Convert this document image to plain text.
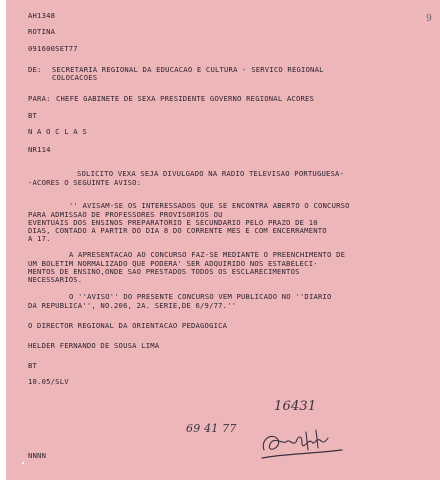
9
AH1348
ROTINA
091600SET77
DE: SECRETARIA REGIONAL DA EDUCACAO E CULTURA - SERVICO REGIONAL
COLOCACOES
PARA: CHEFE GABINETE DE SEXA PRESIDENTE GOVERNO REGIONAL ACORES
BT
N A O C L A S
NR114
SOLICITO VEXA SEJA DIVULGADO NA RADIO TELEVISAO PORTUGUESA-
-ACORES O SEGUINTE AVISO:
'' AVISAM-SE OS INTERESSADOS QUE SE ENCONTRA ABERTO O CONCURSO
PARA ADMISSAO DE PROFESSORES PROVISORIOS OU
EVENTUAIS DOS ENSINOS PREPARATORIO E SECUNDARIO PELO PRAZO DE 10
DIAS, CONTADO A PARTIR DO DIA 8 DO CORRENTE MES E COM ENCERRAMENTO
A 17.
A APRESENTACAO AO CONCURSO FAZ-SE MEDIANTE O PREENCHIMENTO DE
UM BOLETIM NORMALIZADO QUE PODERA' SER ADQUIRIDO NOS ESTABELECI-
MENTOS DE ENSINO,ONDE SAO PRESTADOS TODOS OS ESCLARECIMENTOS
NECESSARIOS.
O ''AVISO'' DO PRESENTE CONCURSO VEM PUBLICADO NO ''DIARIO
DA REPUBLICA'', NO.206, 2A. SERIE,DE 6/9/77.''
O DIRECTOR REGIONAL DA ORIENTACAO PEDAGOGICA
HELDER FERNANDO DE SOUSA LIMA
BT
10.05/SLV
16431
69 41 77
NNNN
